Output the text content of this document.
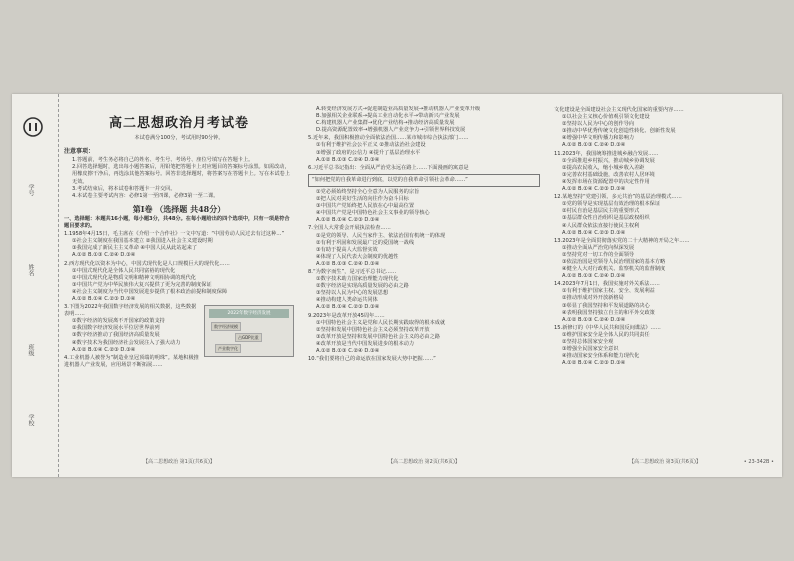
学号
姓名
班级
学校
高二思想政治月考试卷
本试卷满分100分，考试用时90分钟。
注意事项：
1.答题前，考生务必将自己的姓名、考生号、考场号、座位号填写在答题卡上。
2.回答选择题时，选出每小题答案后，用铅笔把答题卡上对应题目的答案标号涂黑。如需改动，用橡皮擦干净后，再选涂其他答案标号。回答非选择题时，将答案写在答题卡上。写在本试卷上无效。
3.考试结束后，将本试卷和答题卡一并交回。
4.本试卷主要考试内容：必修1第一至四课，必修3第一至二课。
第Ⅰ卷 （选择题 共48分）
一、选择题：本题共16小题，每小题3分，共48分。在每小题给出的四个选项中，只有一项是符合题目要求的。
1.1958年4月15日，毛主席在《介绍一个合作社》一文中写道：“中国劳动人民过去有过这种…”
①社会主义制度在我国基本建立 ②我国进入社会主义建设时期
③我国完成了新民主主义革命 ④中国人民从此站起来了
A.①② B.①③ C.②④ D.③④
2.西方现代化以资本为中心，中国式现代化是人口规模巨大的现代化……
①中国式现代化是全体人民共同富裕的现代化
②中国式现代化是物质文明和精神文明相协调的现代化
③中国共产党为中华民族伟大复兴提供了更为完善的制度保证
④社会主义制度为当代中国发展进步提供了根本政治前提和制度保障
A.①② B.①④ C.②③ D.③④
2022年数字经济发展
数字经济规模
占GDP比重
产业数字化
3.下图为2022年我国数字经济发展的相关数据，这些数据表明……
①数字经济的发展离不开国家的政策支持
②我国数字经济发展水平位居世界前列
③数字经济推动了我国经济高质量发展
④数字技术为我国经济社会发展注入了强大动力
A.①② B.①④ C.②③ D.③④
4.工业机器人被誉为“制造业皇冠顶端的明珠”。某地积极推进机器人产业发展，应用场景不断拓展……
【高二思想政治 第1页(共6页)】
A.转变经济发展方式→促进制造业高质量发展→推动机器人产业变革升级
B.加强相关企业联系→提高工业自动化水平→带动新兴产业发展
C.构建机器人产业集群→优化产业结构→推动经济高质量发展
D.提高资源配置效率→增强机器人产业竞争力→引领世界科技发展
5.近年来，我国积极推动全面依法治国……某市城市综合执法部门……
①有利于维护社会公平正义 ②推动法治社会建设
③增强了政府的公信力 ④提升了基层治理水平
A.①② B.①③ C.②④ D.③④
6.习近平总书记指出：全面从严治党永远在路上……下面漫画的寓意是
“如何把党的自我革命进行到底，以党的自我革命引领社会革命……”
①党必须始终坚持全心全意为人民服务的宗旨
②把人民对美好生活的向往作为奋斗目标
③中国共产党始终把人民放在心中最高位置
④中国共产党是中国特色社会主义事业的领导核心
A.①② B.①④ C.②③ D.③④
7.全国人大常委会开展执法检查……
①是党的领导、人民当家作主、依法治国有机统一的体现
②有利于巩固和发展最广泛的爱国统一战线
③有助于提高人大监督实效
④体现了人民代表大会制度的优越性
A.①② B.①③ C.②④ D.③④
8.“为数字而生”，是习近平总书记……
①数字技术助力国家治理能力现代化
②数字经济是实现高质量发展的必由之路
③坚持以人民为中心的发展思想
④推动构建人类命运共同体
A.①② B.①④ C.②③ D.③④
9.2023年是改革开放45周年……
①中国特色社会主义是党和人民长期实践取得的根本成就
②坚持和发展中国特色社会主义必须坚持改革开放
③改革开放是坚持和发展中国特色社会主义的必由之路
④改革开放是当代中国发展进步的根本动力
A.①② B.①③ C.②④ D.③④
10.“我们要将自己的命运放在国家发展大势中把握……”
【高二思想政治 第2页(共6页)】
文化建设是全面建设社会主义现代化国家的重要内容……
①以社会主义核心价值观引领文化建设
②坚持以人民为中心的创作导向
③推动中华优秀传统文化创造性转化、创新性发展
④增强中华文明传播力和影响力
A.①② B.①③ C.②④ D.③④
11.2023年，我国统筹推进城乡融合发展……
①全面推进乡村振兴，推动城乡协调发展
②提高农民收入，缩小城乡收入差距
③完善农村基础设施，改善农村人居环境
④发挥市场在资源配置中的决定性作用
A.①② B.①④ C.②③ D.③④
12.某地坚持“党建引领、多元共治”的基层治理模式……
①党的领导是实现基层有效治理的根本保证
②村民自治是基层民主的重要形式
③基层群众性自治组织是基层政权组织
④人民群众依法直接行使民主权利
A.①② B.①④ C.②③ D.③④
13.2023年是全面贯彻落实党的二十大精神的开局之年……
①推动全面从严治党向纵深发展
②坚持党对一切工作的全面领导
③依法治国是党领导人民治理国家的基本方略
④健全人大对行政机关、监察机关的监督制度
A.①② B.①③ C.②④ D.③④
14.2023年7月1日，我国实施对外关系法……
①有利于维护国家主权、安全、发展利益
②推动形成对外开放新格局
③彰显了我国坚持和平发展道路的决心
④表明我国坚持独立自主的和平外交政策
A.①② B.①③ C.②④ D.③④
15.新修订的《中华人民共和国反间谍法》……
①维护国家安全是全体人民的共同责任
②坚持总体国家安全观
③增强全民国家安全意识
④推动国家安全体系和能力现代化
A.①② B.①④ C.②③ D.③④
【高二思想政治 第3页(共6页)】	• 23-342B •
